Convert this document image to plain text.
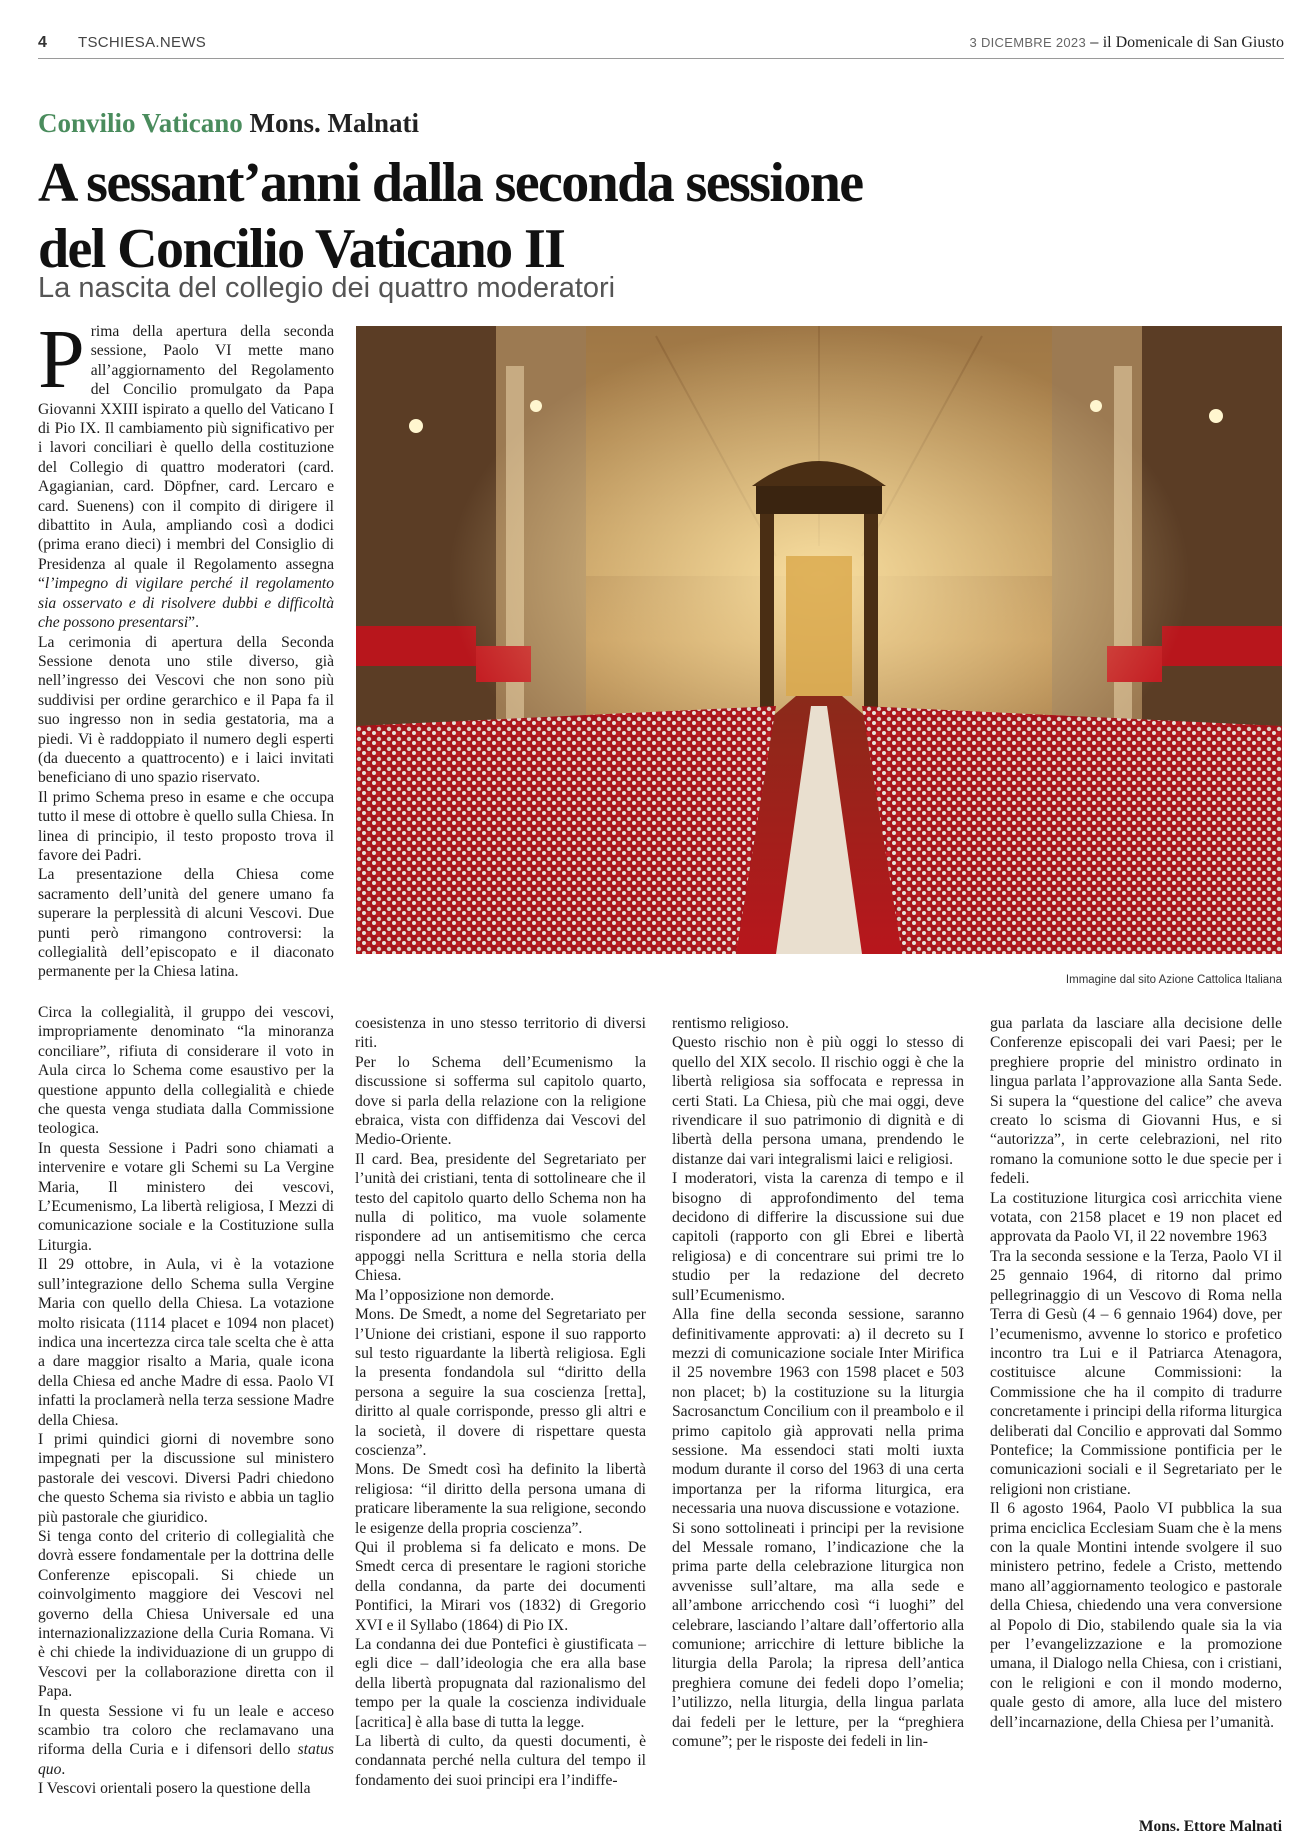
4 TSCHIESA.NEWS	3 DICEMBRE 2023 – il Domenicale di San Giusto
Convilio Vaticano Mons. Malnati
A sessant’anni dalla seconda sessione
del Concilio Vaticano II
La nascita del collegio dei quattro moderatori

Prima della apertura della seconda sessione, Paolo VI mette mano all’aggiornamento del Regolamento del Concilio promulgato da Papa Giovanni XXIII ispirato a quello del Vaticano I di Pio IX. Il cambiamento più significativo per i lavori conciliari è quello della costituzione del Collegio di quattro moderatori (card. Agagianian, card. Döpfner, card. Lercaro e card. Suenens) con il compito di dirigere il dibattito in Aula, ampliando così a dodici (prima erano dieci) i membri del Consiglio di Presidenza al quale il Regolamento assegna “l’impegno di vigilare perché il regolamento sia osservato e di risolvere dubbi e difficoltà che possono presentarsi”.

La cerimonia di apertura della Seconda Sessione denota uno stile diverso, già nell’ingresso dei Vescovi che non sono più suddivisi per ordine gerarchico e il Papa fa il suo ingresso non in sedia gestatoria, ma a piedi. Vi è raddoppiato il numero degli esperti (da duecento a quattrocento) e i laici invitati beneficiano di uno spazio riservato.

Il primo Schema preso in esame e che occupa tutto il mese di ottobre è quello sulla Chiesa. In linea di principio, il testo proposto trova il favore dei Padri.

La presentazione della Chiesa come sacramento dell’unità del genere umano fa superare la perplessità di alcuni Vescovi. Due punti però rimangono controversi: la collegialità dell’episcopato e il diaconato permanente per la Chiesa latina.

Circa la collegialità, il gruppo dei vescovi, impropriamente denominato “la minoranza conciliare”, rifiuta di considerare il voto in Aula circa lo Schema come esaustivo per la questione appunto della collegialità e chiede che questa venga studiata dalla Commissione teologica.

In questa Sessione i Padri sono chiamati a intervenire e votare gli Schemi su La Vergine Maria, Il ministero dei vescovi, L’Ecumenismo, La libertà religiosa, I Mezzi di comunicazione sociale e la Costituzione sulla Liturgia.

Il 29 ottobre, in Aula, vi è la votazione sull’integrazione dello Schema sulla Vergine Maria con quello della Chiesa. La votazione molto risicata (1114 placet e 1094 non placet) indica una incertezza circa tale scelta che è atta a dare maggior risalto a Maria, quale icona della Chiesa ed anche Madre di essa. Paolo VI infatti la proclamerà nella terza sessione Madre della Chiesa.

I primi quindici giorni di novembre sono impegnati per la discussione sul ministero pastorale dei vescovi. Diversi Padri chiedono che questo Schema sia rivisto e abbia un taglio più pastorale che giuridico.

Si tenga conto del criterio di collegialità che dovrà essere fondamentale per la dottrina delle Conferenze episcopali. Si chiede un coinvolgimento maggiore dei Vescovi nel governo della Chiesa Universale ed una internazionalizzazione della Curia Romana. Vi è chi chiede la individuazione di un gruppo di Vescovi per la collaborazione diretta con il Papa.

In questa Sessione vi fu un leale e acceso scambio tra coloro che reclamavano una riforma della Curia e i difensori dello status quo.

I Vescovi orientali posero la questione della

Immagine dal sito Azione Cattolica Italiana

coesistenza in uno stesso territorio di diversi riti.

Per lo Schema dell’Ecumenismo la discussione si sofferma sul capitolo quarto, dove si parla della relazione con la religione ebraica, vista con diffidenza dai Vescovi del Medio-Oriente.

Il card. Bea, presidente del Segretariato per l’unità dei cristiani, tenta di sottolineare che il testo del capitolo quarto dello Schema non ha nulla di politico, ma vuole solamente rispondere ad un antisemitismo che cerca appoggi nella Scrittura e nella storia della Chiesa.

Ma l’opposizione non demorde.

Mons. De Smedt, a nome del Segretariato per l’Unione dei cristiani, espone il suo rapporto sul testo riguardante la libertà religiosa. Egli la presenta fondandola sul “diritto della persona a seguire la sua coscienza [retta], diritto al quale corrisponde, presso gli altri e la società, il dovere di rispettare questa coscienza”.

Mons. De Smedt così ha definito la libertà religiosa: “il diritto della persona umana di praticare liberamente la sua religione, secondo le esigenze della propria coscienza”.

Qui il problema si fa delicato e mons. De Smedt cerca di presentare le ragioni storiche della condanna, da parte dei documenti Pontifici, la Mirari vos (1832) di Gregorio XVI e il Syllabo (1864) di Pio IX.

La condanna dei due Pontefici è giustificata – egli dice – dall’ideologia che era alla base della libertà propugnata dal razionalismo del tempo per la quale la coscienza individuale [acritica] è alla base di tutta la legge.

La libertà di culto, da questi documenti, è condannata perché nella cultura del tempo il fondamento dei suoi principi era l’indiffe-

rentismo religioso.

Questo rischio non è più oggi lo stesso di quello del XIX secolo. Il rischio oggi è che la libertà religiosa sia soffocata e repressa in certi Stati. La Chiesa, più che mai oggi, deve rivendicare il suo patrimonio di dignità e di libertà della persona umana, prendendo le distanze dai vari integralismi laici e religiosi.

I moderatori, vista la carenza di tempo e il bisogno di approfondimento del tema decidono di differire la discussione sui due capitoli (rapporto con gli Ebrei e libertà religiosa) e di concentrare sui primi tre lo studio per la redazione del decreto sull’Ecumenismo.

Alla fine della seconda sessione, saranno definitivamente approvati: a) il decreto su I mezzi di comunicazione sociale Inter Mirifica il 25 novembre 1963 con 1598 placet e 503 non placet; b) la costituzione su la liturgia Sacrosanctum Concilium con il preambolo e il primo capitolo già approvati nella prima sessione. Ma essendoci stati molti iuxta modum durante il corso del 1963 di una certa importanza per la riforma liturgica, era necessaria una nuova discussione e votazione.

Si sono sottolineati i principi per la revisione del Messale romano, l’indicazione che la prima parte della celebrazione liturgica non avvenisse sull’altare, ma alla sede e all’ambone arricchendo così “i luoghi” del celebrare, lasciando l’altare dall’offertorio alla comunione; arricchire di letture bibliche la liturgia della Parola; la ripresa dell’antica preghiera comune dei fedeli dopo l’omelia; l’utilizzo, nella liturgia, della lingua parlata dai fedeli per le letture, per la “preghiera comune”; per le risposte dei fedeli in lin-

gua parlata da lasciare alla decisione delle Conferenze episcopali dei vari Paesi; per le preghiere proprie del ministro ordinato in lingua parlata l’approvazione alla Santa Sede. Si supera la “questione del calice” che aveva creato lo scisma di Giovanni Hus, e si “autorizza”, in certe celebrazioni, nel rito romano la comunione sotto le due specie per i fedeli.

La costituzione liturgica così arricchita viene votata, con 2158 placet e 19 non placet ed approvata da Paolo VI, il 22 novembre 1963

Tra la seconda sessione e la Terza, Paolo VI il 25 gennaio 1964, di ritorno dal primo pellegrinaggio di un Vescovo di Roma nella Terra di Gesù (4 – 6 gennaio 1964) dove, per l’ecumenismo, avvenne lo storico e profetico incontro tra Lui e il Patriarca Atenagora, costituisce alcune Commissioni: la Commissione che ha il compito di tradurre concretamente i principi della riforma liturgica deliberati dal Concilio e approvati dal Sommo Pontefice; la Commissione pontificia per le comunicazioni sociali e il Segretariato per le religioni non cristiane.

Il 6 agosto 1964, Paolo VI pubblica la sua prima enciclica Ecclesiam Suam che è la mens con la quale Montini intende svolgere il suo ministero petrino, fedele a Cristo, mettendo mano all’aggiornamento teologico e pastorale della Chiesa, chiedendo una vera conversione al Popolo di Dio, stabilendo quale sia la via per l’evangelizzazione e la promozione umana, il Dialogo nella Chiesa, con i cristiani, con le religioni e con il mondo moderno, quale gesto di amore, alla luce del mistero dell’incarnazione, della Chiesa per l’umanità.

Mons. Ettore Malnati
